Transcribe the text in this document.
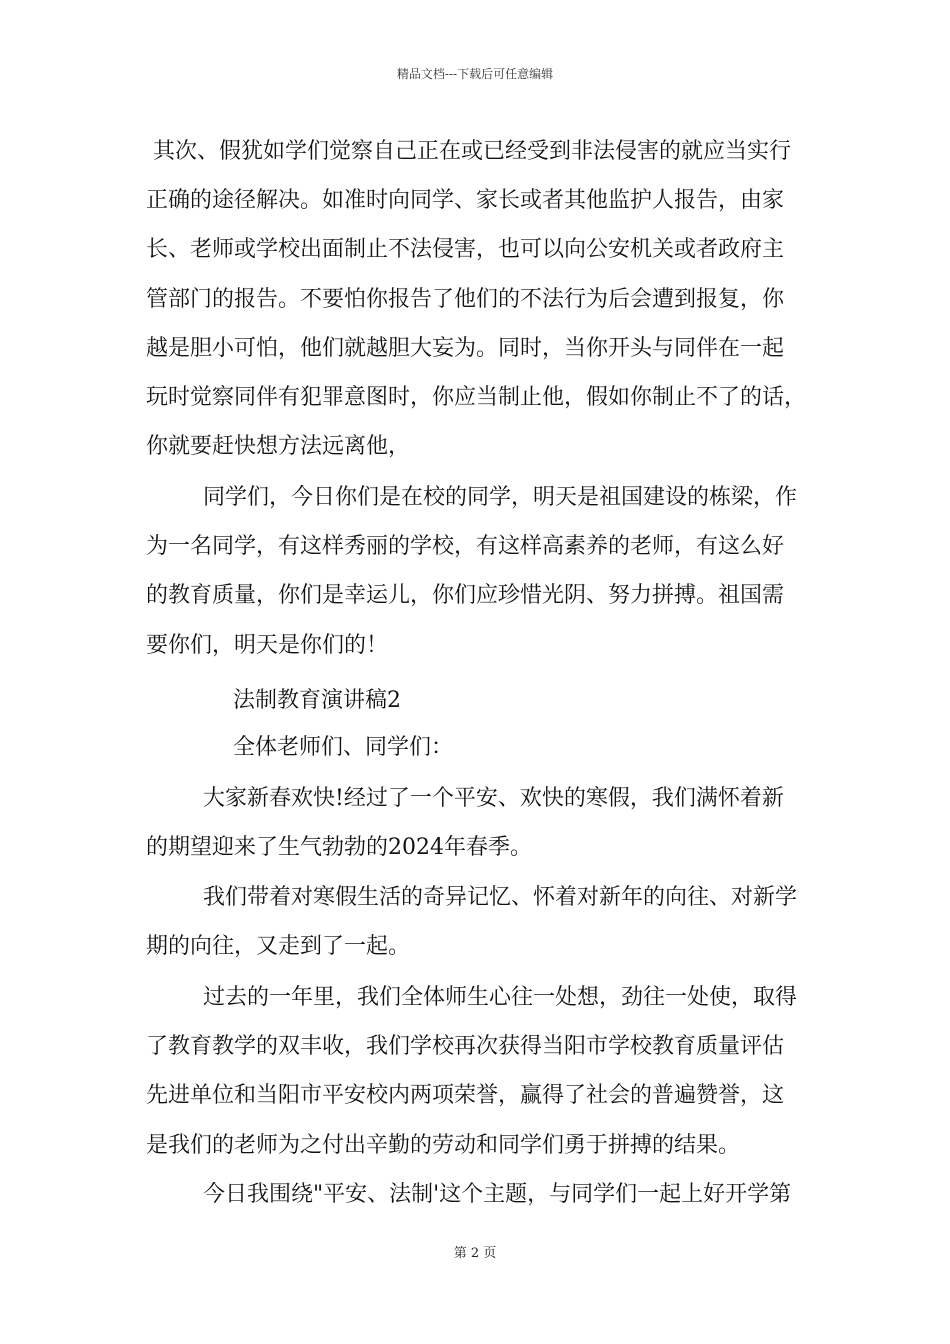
精品文档---下载后可任意编辑
其次、假犹如学们觉察自己正在或已经受到非法侵害的就应当实行
正确的途径解决。如准时向同学、家长或者其他监护人报告，由家
长、老师或学校出面制止不法侵害，也可以向公安机关或者政府主
管部门的报告。不要怕你报告了他们的不法行为后会遭到报复，你
越是胆小可怕，他们就越胆大妄为。同时，当你开头与同伴在一起
玩时觉察同伴有犯罪意图时，你应当制止他，假如你制止不了的话，
你就要赶快想方法远离他，
同学们，今日你们是在校的同学，明天是祖国建设的栋梁，作
为一名同学，有这样秀丽的学校，有这样高素养的老师，有这么好
的教育质量，你们是幸运儿，你们应珍惜光阴、努力拼搏。祖国需
要你们，明天是你们的！
法制教育演讲稿2
全体老师们、同学们：
大家新春欢快!经过了一个平安、欢快的寒假，我们满怀着新
的期望迎来了生气勃勃的2024年春季。
我们带着对寒假生活的奇异记忆、怀着对新年的向往、对新学
期的向往，又走到了一起。
过去的一年里，我们全体师生心往一处想，劲往一处使，取得
了教育教学的双丰收，我们学校再次获得当阳市学校教育质量评估
先进单位和当阳市平安校内两项荣誉，赢得了社会的普遍赞誉，这
是我们的老师为之付出辛勤的劳动和同学们勇于拼搏的结果。
今日我围绕"平安、法制'这个主题，与同学们一起上好开学第
第 2 页
